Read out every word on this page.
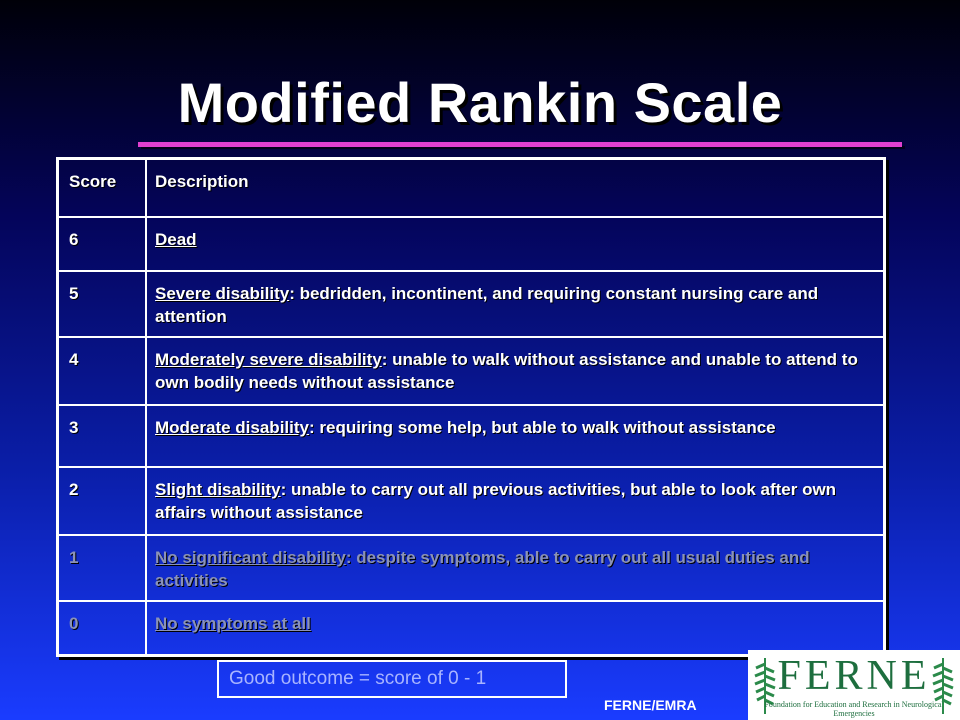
Modified Rankin Scale
Score	Description
6	Dead
5	Severe disability: bedridden, incontinent, and requiring constant nursing care and attention
4	Moderately severe disability: unable to walk without assistance and unable to attend to own bodily needs without assistance
3	Moderate disability: requiring some help, but able to walk without assistance
2	Slight disability: unable to carry out all previous activities, but able to look after own affairs without assistance
1	No significant disability: despite symptoms, able to carry out all usual duties and activities
0	No symptoms at all
Good outcome = score of 0 - 1
FERNE/EMRA
FERNE
Foundation for Education and Research in Neurological Emergencies
